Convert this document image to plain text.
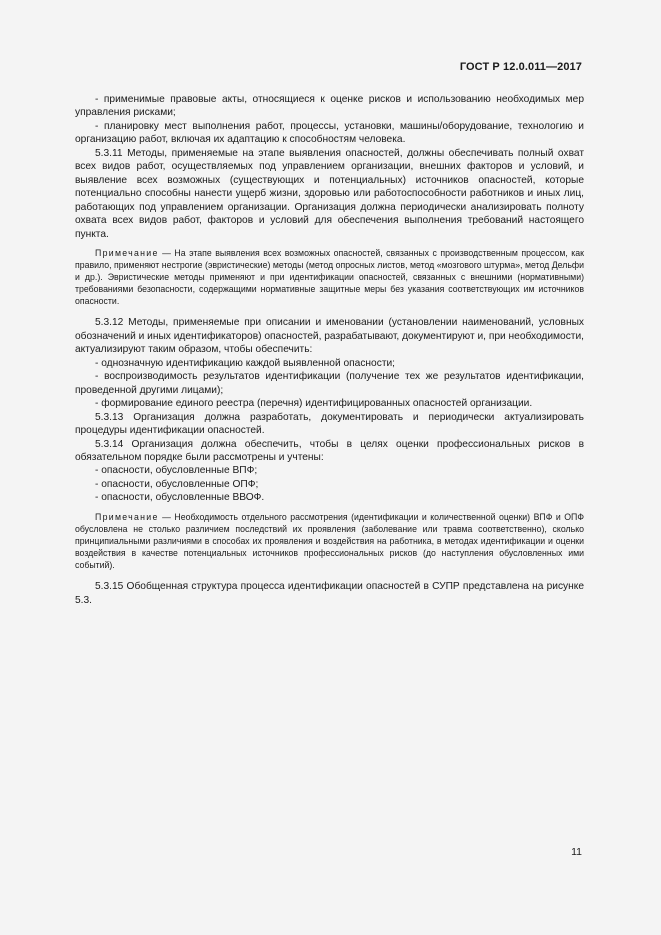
ГОСТ Р 12.0.011—2017

- применимые правовые акты, относящиеся к оценке рисков и использованию необходимых мер управления рисками;

- планировку мест выполнения работ, процессы, установки, машины/оборудование, технологию и организацию работ, включая их адаптацию к способностям человека.

5.3.11 Методы, применяемые на этапе выявления опасностей, должны обеспечивать полный охват всех видов работ, осуществляемых под управлением организации, внешних факторов и условий, и выявление всех возможных (существующих и потенциальных) источников опасностей, которые потенциально способны нанести ущерб жизни, здоровью или работоспособности работников и иных лиц, работающих под управлением организации. Организация должна периодически анализировать полноту охвата всех видов работ, факторов и условий для обеспечения выполнения требований настоящего пункта.

Примечание — На этапе выявления всех возможных опасностей, связанных с производственным процессом, как правило, применяют нестрогие (эвристические) методы (метод опросных листов, метод «мозгового штурма», метод Дельфи и др.). Эвристические методы применяют и при идентификации опасностей, связанных с внешними (нормативными) требованиями безопасности, содержащими нормативные защитные меры без указания соответствующих им источников опасности.

5.3.12 Методы, применяемые при описании и именовании (установлении наименований, условных обозначений и иных идентификаторов) опасностей, разрабатывают, документируют и, при необходимости, актуализируют таким образом, чтобы обеспечить:

- однозначную идентификацию каждой выявленной опасности;

- воспроизводимость результатов идентификации (получение тех же результатов идентификации, проведенной другими лицами);

- формирование единого реестра (перечня) идентифицированных опасностей организации.

5.3.13 Организация должна разработать, документировать и периодически актуализировать процедуры идентификации опасностей.

5.3.14 Организация должна обеспечить, чтобы в целях оценки профессиональных рисков в обязательном порядке были рассмотрены и учтены:

- опасности, обусловленные ВПФ;

- опасности, обусловленные ОПФ;

- опасности, обусловленные ВВОФ.

Примечание — Необходимость отдельного рассмотрения (идентификации и количественной оценки) ВПФ и ОПФ обусловлена не столько различием последствий их проявления (заболевание или травма соответственно), сколько принципиальными различиями в способах их проявления и воздействия на работника, в методах идентификации и оценки воздействия в качестве потенциальных источников профессиональных рисков (до наступления обусловленных ими событий).

5.3.15 Обобщенная структура процесса идентификации опасностей в СУПР представлена на рисунке 5.3.

11
